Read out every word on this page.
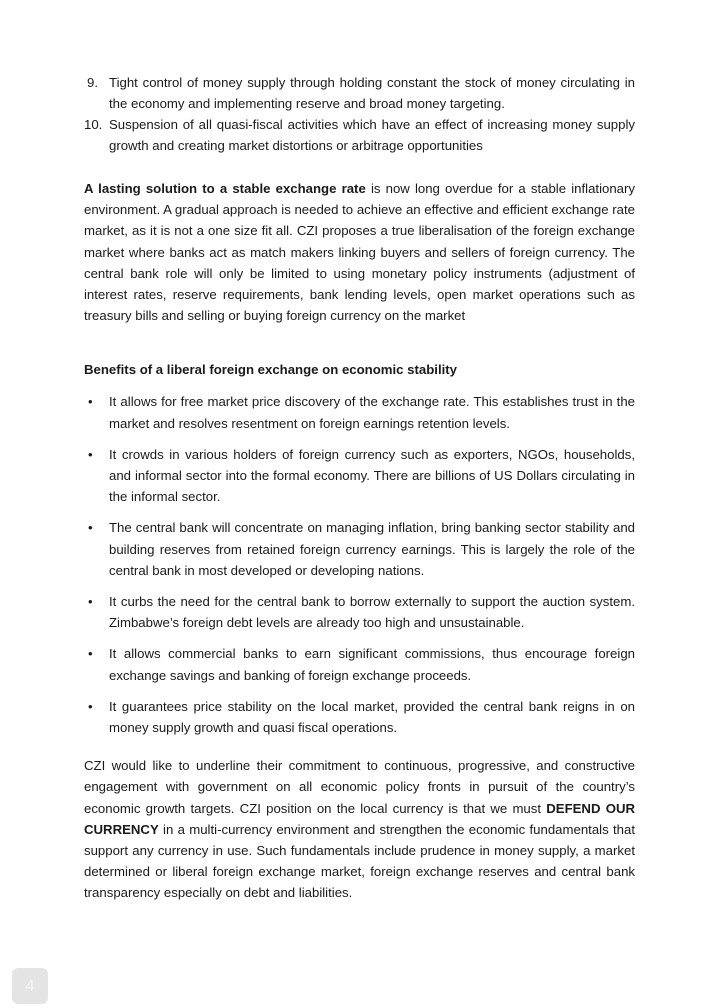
9. Tight control of money supply through holding constant the stock of money circulating in the economy and implementing reserve and broad money targeting.
10. Suspension of all quasi-fiscal activities which have an effect of increasing money supply growth and creating market distortions or arbitrage opportunities

A lasting solution to a stable exchange rate is now long overdue for a stable inflationary environment. A gradual approach is needed to achieve an effective and efficient exchange rate market, as it is not a one size fit all. CZI proposes a true liberalisation of the foreign exchange market where banks act as match makers linking buyers and sellers of foreign currency. The central bank role will only be limited to using monetary policy instruments (adjustment of interest rates, reserve requirements, bank lending levels, open market operations such as treasury bills and selling or buying foreign currency on the market

Benefits of a liberal foreign exchange on economic stability
• It allows for free market price discovery of the exchange rate. This establishes trust in the market and resolves resentment on foreign earnings retention levels.
• It crowds in various holders of foreign currency such as exporters, NGOs, households, and informal sector into the formal economy. There are billions of US Dollars circulating in the informal sector.
• The central bank will concentrate on managing inflation, bring banking sector stability and building reserves from retained foreign currency earnings. This is largely the role of the central bank in most developed or developing nations.
• It curbs the need for the central bank to borrow externally to support the auction system. Zimbabwe’s foreign debt levels are already too high and unsustainable.
• It allows commercial banks to earn significant commissions, thus encourage foreign exchange savings and banking of foreign exchange proceeds.
• It guarantees price stability on the local market, provided the central bank reigns in on money supply growth and quasi fiscal operations.

CZI would like to underline their commitment to continuous, progressive, and constructive engagement with government on all economic policy fronts in pursuit of the country’s economic growth targets. CZI position on the local currency is that we must DEFEND OUR CURRENCY in a multi-currency environment and strengthen the economic fundamentals that support any currency in use. Such fundamentals include prudence in money supply, a market determined or liberal foreign exchange market, foreign exchange reserves and central bank transparency especially on debt and liabilities.

4
